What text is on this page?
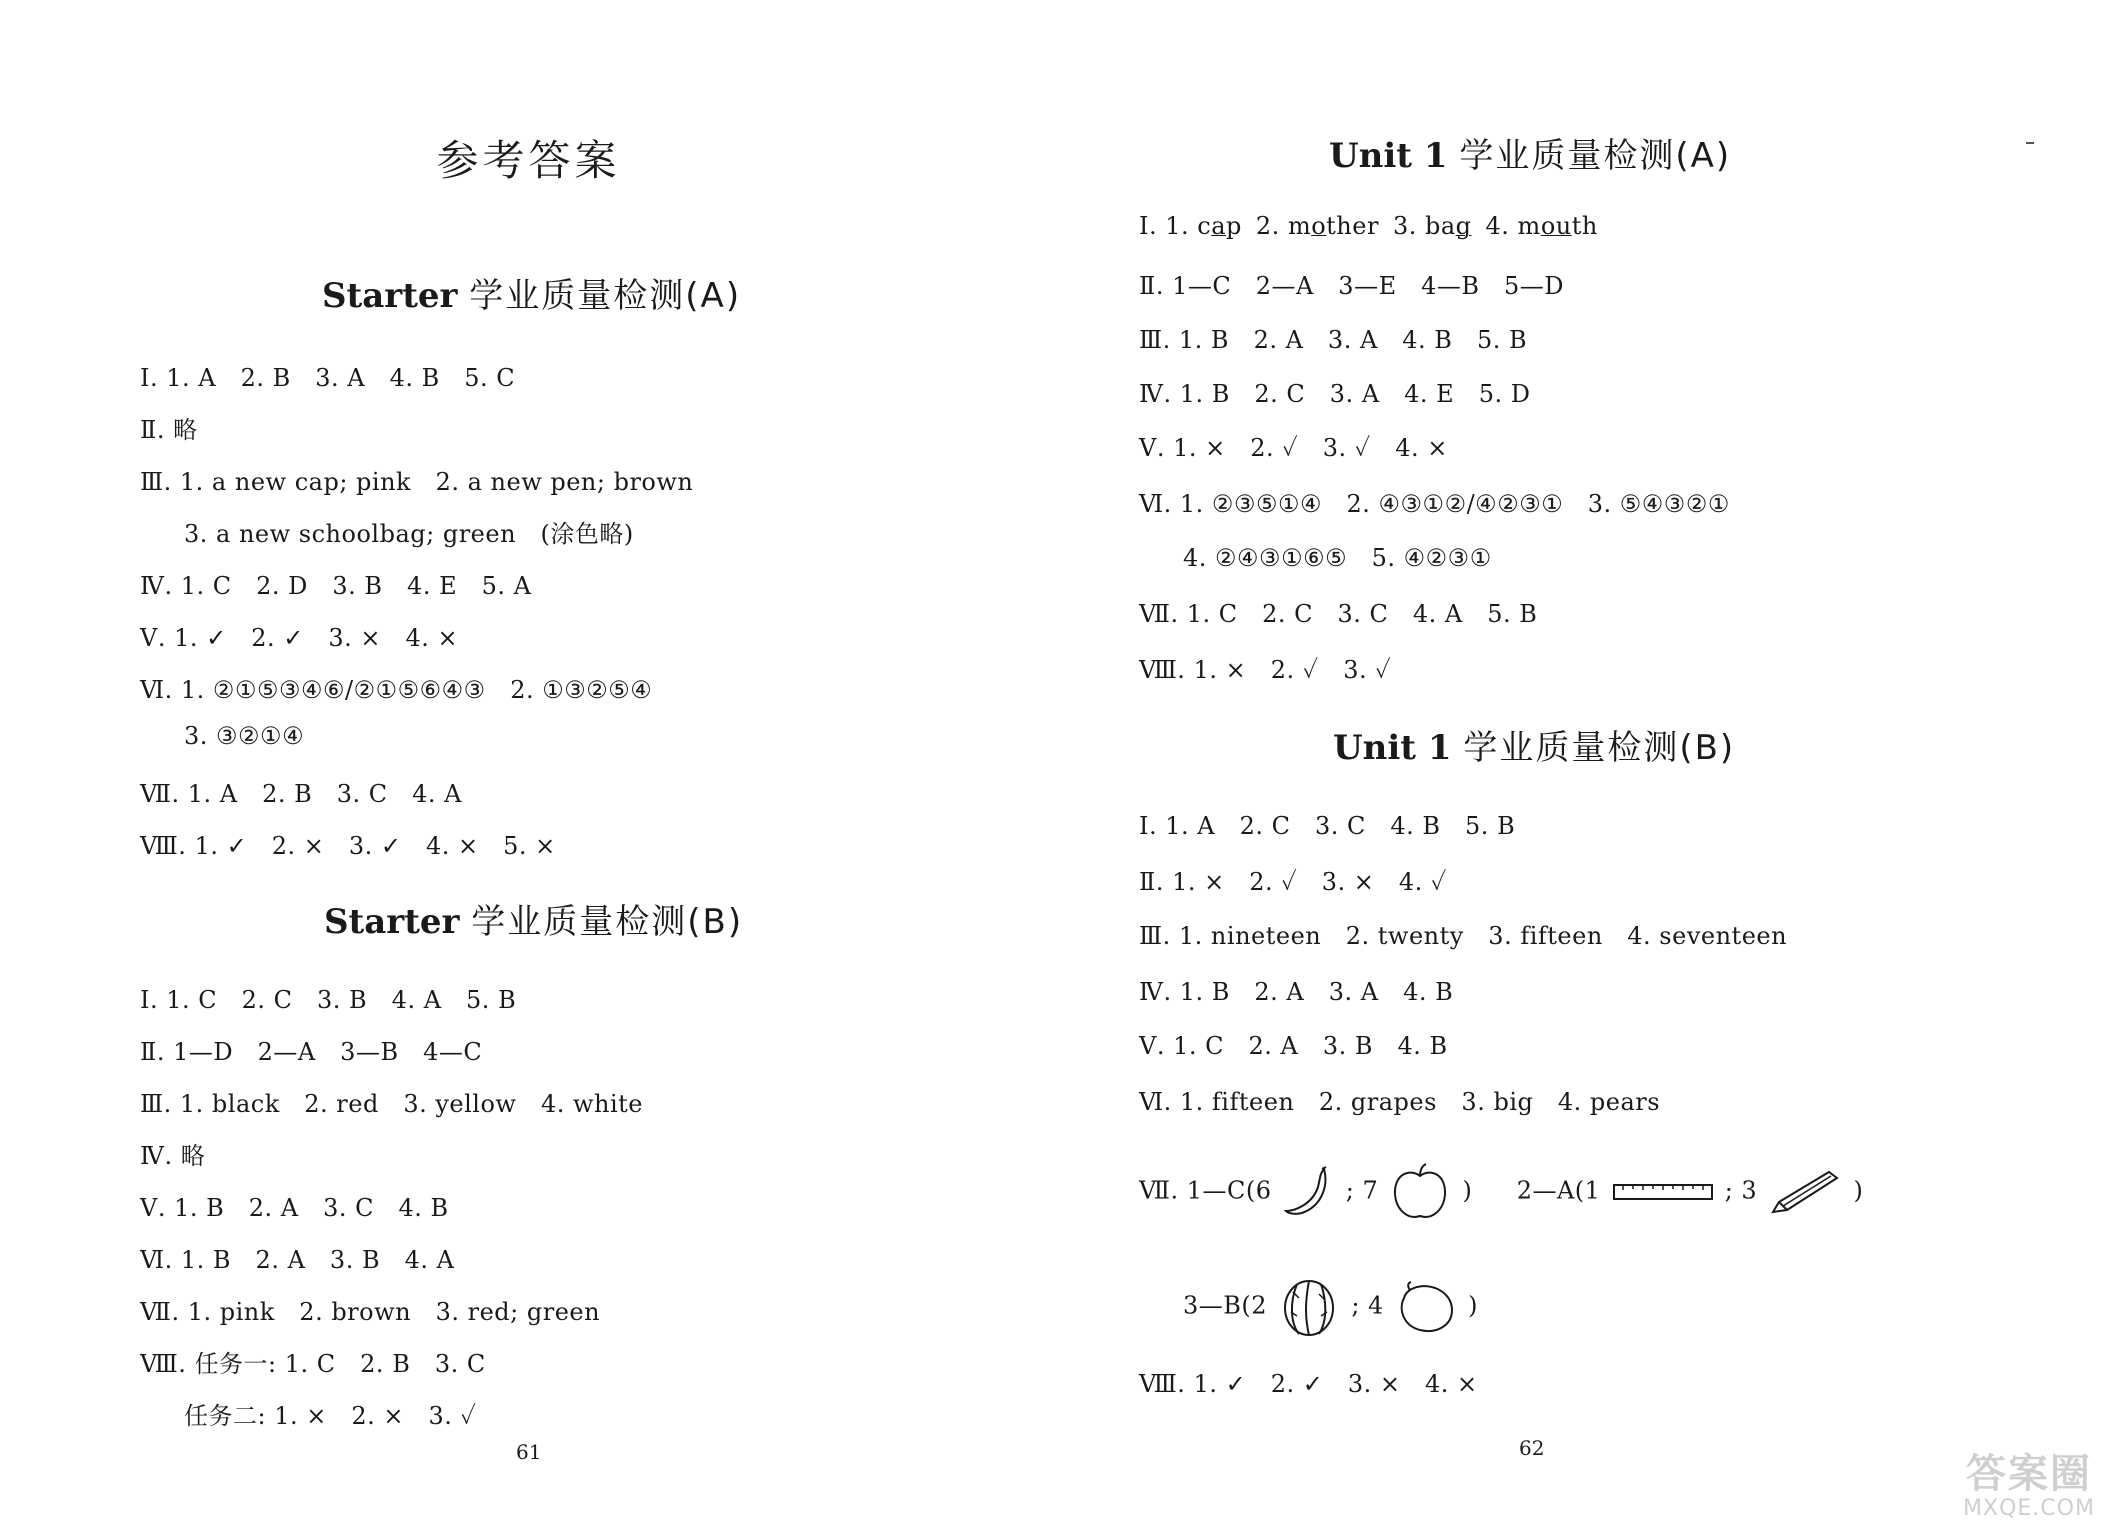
参考答案
Starter 学业质量检测(A)
Ⅰ. 1. A　2. B　3. A　4. B　5. C
Ⅱ. 略
Ⅲ. 1. a new cap; pink　2. a new pen; brown
3. a new schoolbag; green　(涂色略)
Ⅳ. 1. C　2. D　3. B　4. E　5. A
Ⅴ. 1. ✓　2. ✓　3. ×　4. ×
Ⅵ. 1. ②①⑤③④⑥/②①⑤⑥④③　2. ①③②⑤④
3. ③②①④
Ⅶ. 1. A　2. B　3. C　4. A
Ⅷ. 1. ✓　2. ×　3. ✓　4. ×　5. ×
Starter 学业质量检测(B)
Ⅰ. 1. C　2. C　3. B　4. A　5. B
Ⅱ. 1—D　2—A　3—B　4—C
Ⅲ. 1. black　2. red　3. yellow　4. white
Ⅳ. 略
Ⅴ. 1. B　2. A　3. C　4. B
Ⅵ. 1. B　2. A　3. B　4. A
Ⅶ. 1. pink　2. brown　3. red; green
Ⅷ. 任务一: 1. C　2. B　3. C
任务二: 1. ×　2. ×　3. ✓
61
Unit 1 学业质量检测(A)
Ⅰ. 1. cap 2. mother 3. bag 4. mouth
Ⅱ. 1—C　2—A　3—E　4—B　5—D
Ⅲ. 1. B　2. A　3. A　4. B　5. B
Ⅳ. 1. B　2. C　3. A　4. E　5. D
Ⅴ. 1. ×　2. ✓　3. ✓　4. ×
Ⅵ. 1. ②③⑤①④　2. ④③①②/④②③①　3. ⑤④③②①
4. ②④③①⑥⑤　5. ④②③①
Ⅶ. 1. C　2. C　3. C　4. A　5. B
Ⅷ. 1. ×　2. ✓　3. ✓
Unit 1 学业质量检测(B)
Ⅰ. 1. A　2. C　3. C　4. B　5. B
Ⅱ. 1. ×　2. ✓　3. ×　4. ✓
Ⅲ. 1. nineteen　2. twenty　3. fifteen　4. seventeen
Ⅳ. 1. B　2. A　3. A　4. B
Ⅴ. 1. C　2. A　3. B　4. B
Ⅵ. 1. fifteen　2. grapes　3. big　4. pears
Ⅶ. 1—C(6	; 7	) 2—A(1	; 3	)
3—B(2	; 4	)
Ⅷ. 1. ✓　2. ✓　3. ×　4. ×
62
答案圈
MXQE.COM
